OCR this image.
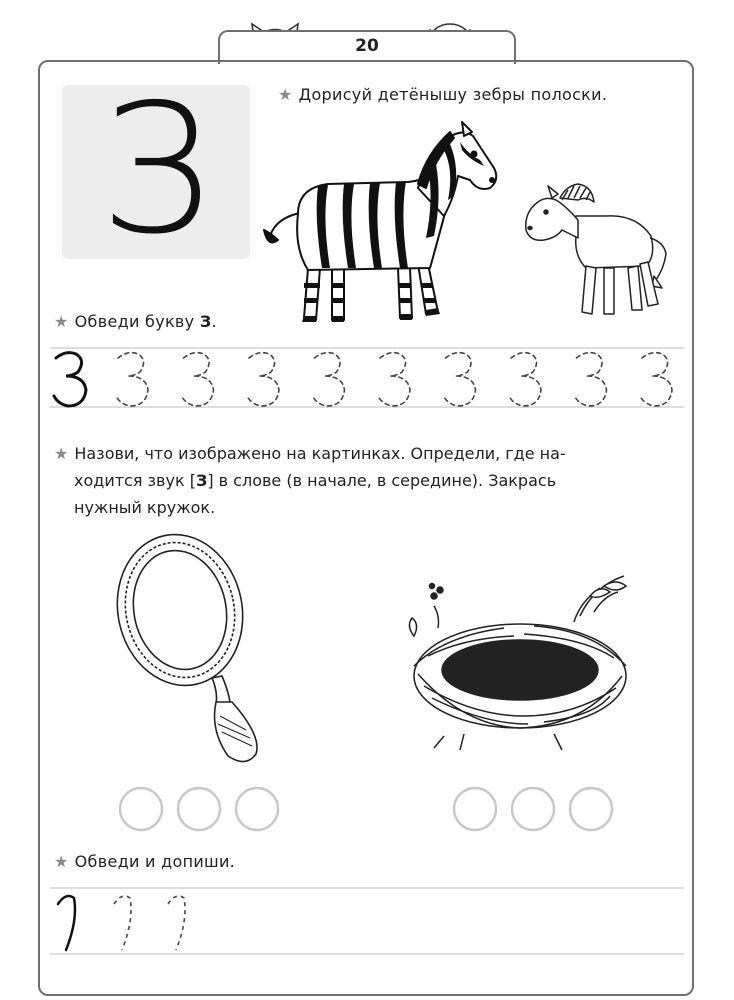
20
З	★ Дорисуй детёнышу зебры полоски.
★ Обведи букву З.
★ Назови, что изображено на картинках. Определи, где на-
ходится звук [З] в слове (в начале, в середине). Закрась
нужный кружок.
★ Обведи и допиши.
